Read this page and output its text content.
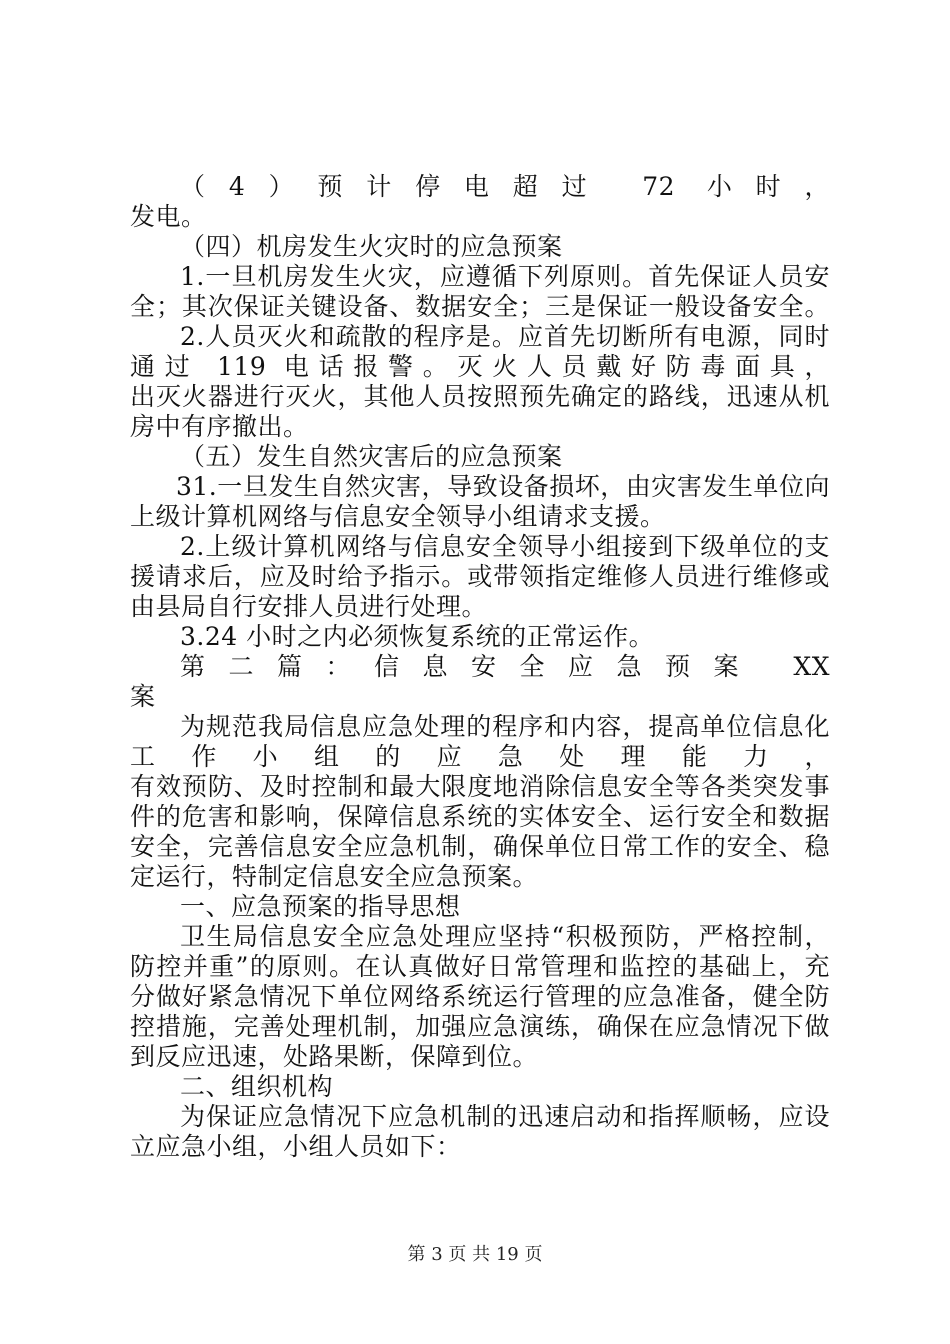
（4）预计停电超过 72 小时，
发电。
（四）机房发生火灾时的应急预案
1.一旦机房发生火灾，应遵循下列原则。首先保证人员安
全；其次保证关键设备、数据安全；三是保证一般设备安全。
2.人员灭火和疏散的程序是。应首先切断所有电源，同时
通过 119 电话报警。灭火人员戴好防毒面具，
出灭火器进行灭火，其他人员按照预先确定的路线，迅速从机
房中有序撤出。
（五）发生自然灾害后的应急预案
31.一旦发生自然灾害，导致设备损坏，由灾害发生单位向
上级计算机网络与信息安全领导小组请求支援。
2.上级计算机网络与信息安全领导小组接到下级单位的支
援请求后，应及时给予指示。或带领指定维修人员进行维修或
由县局自行安排人员进行处理。
3.24 小时之内必须恢复系统的正常运作。
第二篇：信息安全应急预案 XX
案
为规范我局信息应急处理的程序和内容，提高单位信息化
工作小组的应急处理能力，
有效预防、及时控制和最大限度地消除信息安全等各类突发事
件的危害和影响，保障信息系统的实体安全、运行安全和数据
安全，完善信息安全应急机制，确保单位日常工作的安全、稳
定运行，特制定信息安全应急预案。
一、应急预案的指导思想
卫生局信息安全应急处理应坚持“积极预防，严格控制，
防控并重”的原则。在认真做好日常管理和监控的基础上，充
分做好紧急情况下单位网络系统运行管理的应急准备，健全防
控措施，完善处理机制，加强应急演练，确保在应急情况下做
到反应迅速，处路果断，保障到位。
二、组织机构
为保证应急情况下应急机制的迅速启动和指挥顺畅，应设
立应急小组，小组人员如下：
第 3 页 共 19 页
